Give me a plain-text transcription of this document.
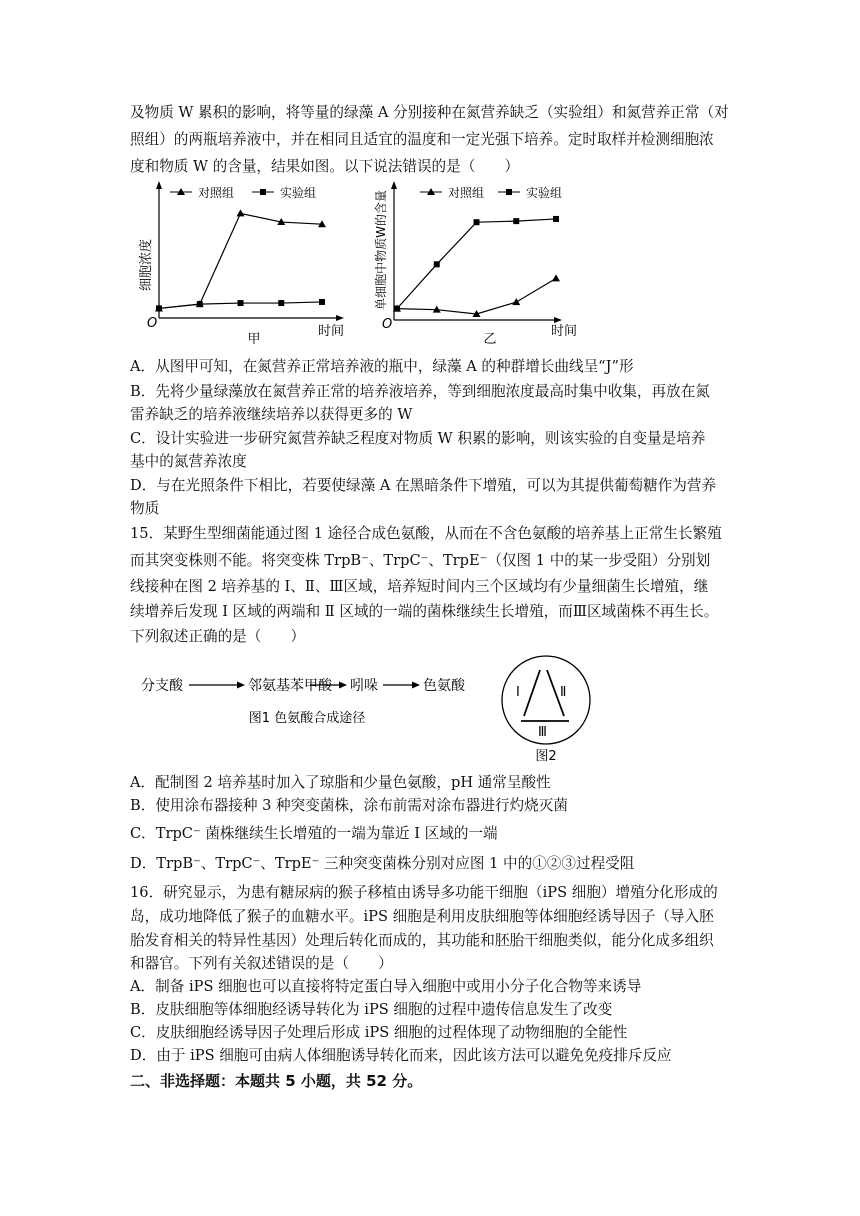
及物质 W 累积的影响，将等量的绿藻 A 分别接种在氮营养缺乏（实验组）和氮营养正常（对
照组）的两瓶培养液中，并在相同且适宜的温度和一定光强下培养。定时取样并检测细胞浓
度和物质 W 的含量，结果如图。以下说法错误的是（　　）
对照组	实验组
细胞浓度
O
时间
甲
对照组	实验组
单细胞中物质W的含量
O	时间
乙
A．从图甲可知，在氮营养正常培养液的瓶中，绿藻 A 的种群增长曲线呈“J”形
B．先将少量绿藻放在氮营养正常的培养液培养，等到细胞浓度最高时集中收集，再放在氮
雷养缺乏的培养液继续培养以获得更多的 W
C．设计实验进一步研究氮营养缺乏程度对物质 W 积累的影响，则该实验的自变量是培养
基中的氮营养浓度
D．与在光照条件下相比，若要使绿藻 A 在黑暗条件下增殖，可以为其提供葡萄糖作为营养
物质
15．某野生型细菌能通过图 1 途径合成色氨酸，从而在不含色氨酸的培养基上正常生长繁殖
而其突变株则不能。将突变株 TrpB⁻、TrpC⁻、TrpE⁻（仅图 1 中的某一步受阻）分别划
线接种在图 2 培养基的 Ⅰ、Ⅱ、Ⅲ区域，培养短时间内三个区域均有少量细菌生长增殖，继
续增养后发现 Ⅰ 区域的两端和 Ⅱ 区域的一端的菌株继续生长增殖，而Ⅲ区域菌株不再生长。
下列叙述正确的是（　　）
分支酸	邻氨基苯甲酸 吲哚	色氨酸
图1 色氨酸合成途径
Ⅰ	Ⅱ
Ⅲ
图2
A．配制图 2 培养基时加入了琼脂和少量色氨酸，pH 通常呈酸性
B．使用涂布器接种 3 种突变菌株，涂布前需对涂布器进行灼烧灭菌
C．TrpC⁻ 菌株继续生长增殖的一端为靠近 Ⅰ 区域的一端
D．TrpB⁻、TrpC⁻、TrpE⁻ 三种突变菌株分别对应图 1 中的①②③过程受阻
16．研究显示，为患有糖尿病的猴子移植由诱导多功能干细胞（iPS 细胞）增殖分化形成的
岛，成功地降低了猴子的血糖水平。iPS 细胞是利用皮肤细胞等体细胞经诱导因子（导入胚
胎发育相关的特异性基因）处理后转化而成的，其功能和胚胎干细胞类似，能分化成多组织
和器官。下列有关叙述错误的是（　　）
A．制备 iPS 细胞也可以直接将特定蛋白导入细胞中或用小分子化合物等来诱导
B．皮肤细胞等体细胞经诱导转化为 iPS 细胞的过程中遗传信息发生了改变
C．皮肤细胞经诱导因子处理后形成 iPS 细胞的过程体现了动物细胞的全能性
D．由于 iPS 细胞可由病人体细胞诱导转化而来，因此该方法可以避免免疫排斥反应
二、非选择题：本题共 5 小题，共 52 分。
